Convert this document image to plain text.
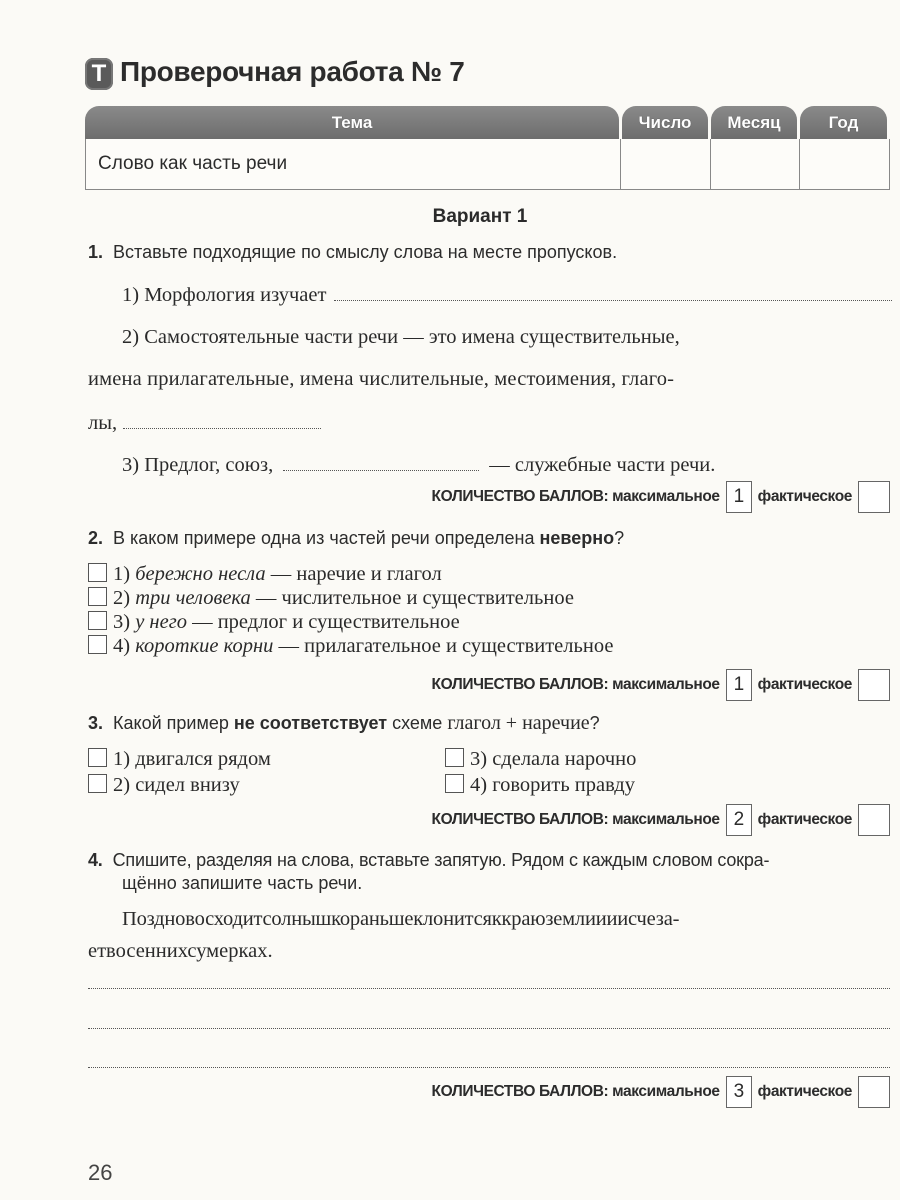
Т Проверочная работа № 7
Тема	Число	Месяц	Год
Слово как часть речи
Вариант 1
1. Вставьте подходящие по смыслу слова на месте пропусков.
1) Морфология изучает
2) Самостоятельные части речи — это имена существительные,
имена прилагательные, имена числительные, местоимения, глаго-
лы,
3) Предлог, союз,	— служебные части речи.
КОЛИЧЕСТВО БАЛЛОВ: максимальное 1 фактическое
2. В каком примере одна из частей речи определена неверно?
1) бережно несла — наречие и глагол
2) три человека — числительное и существительное
3) у него — предлог и существительное
4) короткие корни — прилагательное и существительное
КОЛИЧЕСТВО БАЛЛОВ: максимальное 1 фактическое
3. Какой пример не соответствует схеме глагол + наречие?
1) двигался рядом
2) сидел внизу
3) сделала нарочно
4) говорить правду
КОЛИЧЕСТВО БАЛЛОВ: максимальное 2 фактическое
4. Спишите, разделяя на слова, вставьте запятую. Рядом с каждым словом сокра-
щённо запишите часть речи.
Поздновосходитсолнышкораньшеклонитсяккраюземлиииисчеза-
етвосеннихсумерках.
КОЛИЧЕСТВО БАЛЛОВ: максимальное 3 фактическое
26
